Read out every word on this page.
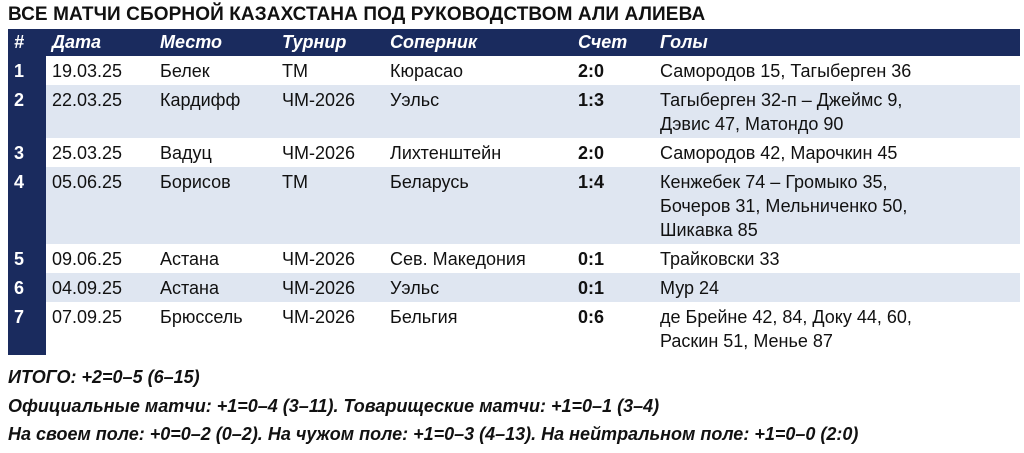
ВСЕ МАТЧИ СБОРНОЙ КАЗАХСТАНА ПОД РУКОВОДСТВОМ АЛИ АЛИЕВА
#	Дата	Место	Турнир	Соперник	Счет	Голы
1	19.03.25	Белек	ТМ	Кюрасао	2:0	Самородов 15, Тагыберген 36

2	22.03.25	Кардифф	ЧМ-2026	Уэльс	1:3	Тагыберген 32-п – Джеймс 9,
Дэвис 47, Матондо 90

3	25.03.25	Вадуц	ЧМ-2026	Лихтенштейн	2:0	Самородов 42, Марочкин 45

4	05.06.25	Борисов	ТМ	Беларусь	1:4	Кенжебек 74 – Громыко 35,
Бочеров 31, Мельниченко 50,
Шикавка 85

5	09.06.25	Астана	ЧМ-2026	Сев. Македония	0:1	Трайковски 33

6	04.09.25	Астана	ЧМ-2026	Уэльс	0:1	Мур 24

7	07.09.25	Брюссель	ЧМ-2026	Бельгия	0:6	де Брейне 42, 84, Доку 44, 60,
Раскин 51, Менье 87
ИТОГО: +2=0–5 (6–15)
Официальные матчи: +1=0–4 (3–11). Товарищеские матчи: +1=0–1 (3–4)
На своем поле: +0=0–2 (0–2). На чужом поле: +1=0–3 (4–13). На нейтральном поле: +1=0–0 (2:0)
